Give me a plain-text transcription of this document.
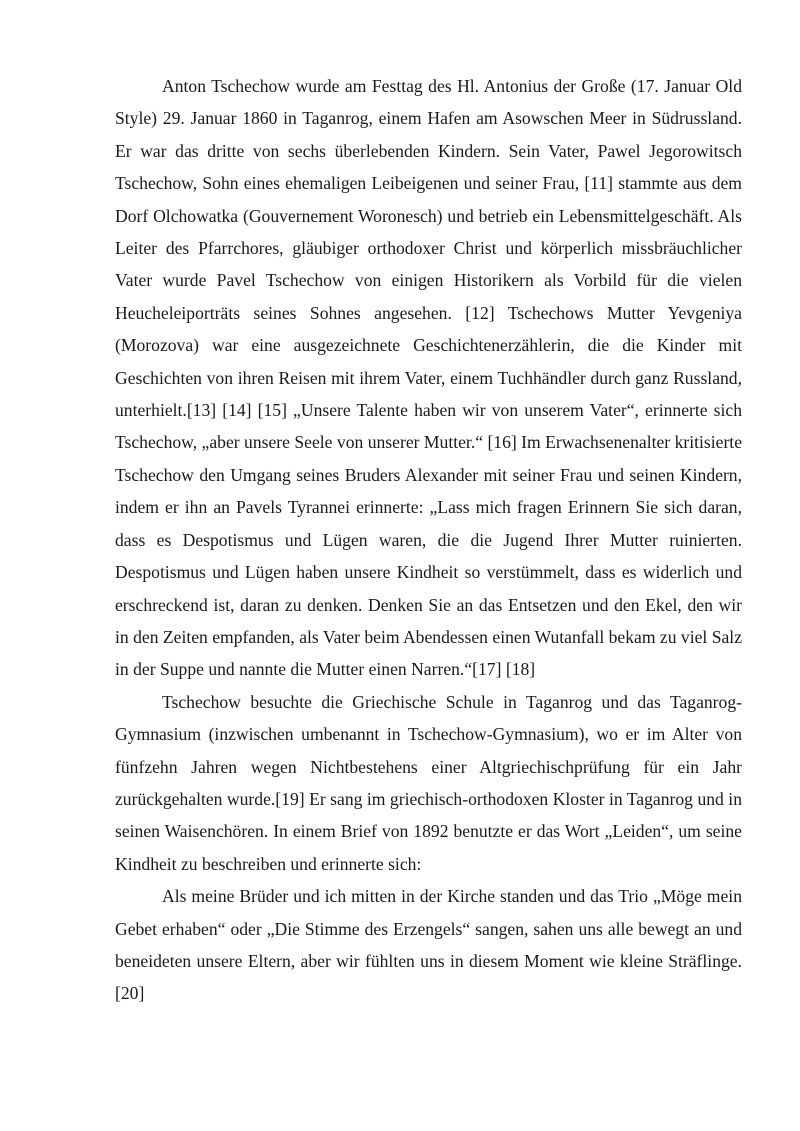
Anton Tschechow wurde am Festtag des Hl. Antonius der Große (17. Januar Old Style) 29. Januar 1860 in Taganrog, einem Hafen am Asowschen Meer in Südrussland. Er war das dritte von sechs überlebenden Kindern. Sein Vater, Pawel Jegorowitsch Tschechow, Sohn eines ehemaligen Leibeigenen und seiner Frau, [11] stammte aus dem Dorf Olchowatka (Gouvernement Woronesch) und betrieb ein Lebensmittelgeschäft. Als Leiter des Pfarrchores, gläubiger orthodoxer Christ und körperlich missbräuchlicher Vater wurde Pavel Tschechow von einigen Historikern als Vorbild für die vielen Heucheleiporträts seines Sohnes angesehen. [12] Tschechows Mutter Yevgeniya (Morozova) war eine ausgezeichnete Geschichtenerzählerin, die die Kinder mit Geschichten von ihren Reisen mit ihrem Vater, einem Tuchhändler durch ganz Russland, unterhielt.[13] [14] [15] „Unsere Talente haben wir von unserem Vater“, erinnerte sich Tschechow, „aber unsere Seele von unserer Mutter.“ [16] Im Erwachsenenalter kritisierte Tschechow den Umgang seines Bruders Alexander mit seiner Frau und seinen Kindern, indem er ihn an Pavels Tyrannei erinnerte: „Lass mich fragen Erinnern Sie sich daran, dass es Despotismus und Lügen waren, die die Jugend Ihrer Mutter ruinierten. Despotismus und Lügen haben unsere Kindheit so verstümmelt, dass es widerlich und erschreckend ist, daran zu denken. Denken Sie an das Entsetzen und den Ekel, den wir in den Zeiten empfanden, als Vater beim Abendessen einen Wutanfall bekam zu viel Salz in der Suppe und nannte die Mutter einen Narren.“[17] [18]

Tschechow besuchte die Griechische Schule in Taganrog und das Taganrog-Gymnasium (inzwischen umbenannt in Tschechow-Gymnasium), wo er im Alter von fünfzehn Jahren wegen Nichtbestehens einer Altgriechischprüfung für ein Jahr zurückgehalten wurde.[19] Er sang im griechisch-orthodoxen Kloster in Taganrog und in seinen Waisenchören. In einem Brief von 1892 benutzte er das Wort „Leiden“, um seine Kindheit zu beschreiben und erinnerte sich:

Als meine Brüder und ich mitten in der Kirche standen und das Trio „Möge mein Gebet erhaben“ oder „Die Stimme des Erzengels“ sangen, sahen uns alle bewegt an und beneideten unsere Eltern, aber wir fühlten uns in diesem Moment wie kleine Sträflinge.[20]
